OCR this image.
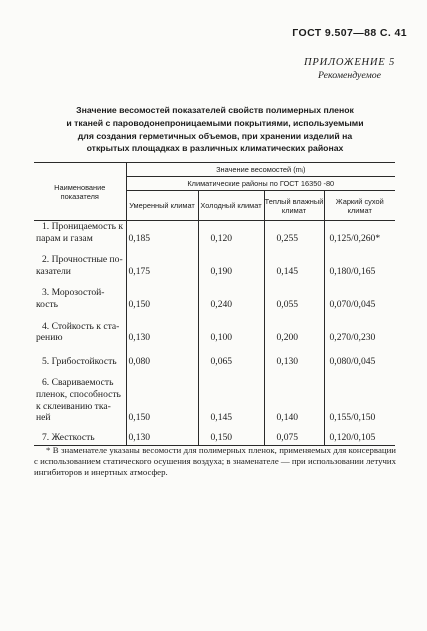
ГОСТ 9.507—88 С. 41
ПРИЛОЖЕНИЕ 5
Рекомендуемое
Значение весомостей показателей свойств полимерных пленок
и тканей с пароводонепроницаемыми покрытиями, используемыми
для создания герметичных объемов, при хранении изделий на
открытых площадках в различных климатических районах
Наименование показателя	Значение весомостей (mᵢ)			
	Климатические районы по ГОСТ 16350 -80			
	Умеренный климат	Холодный климат	Теплый влажный климат	Жаркий сухой климат

1. Проницаемость к
парам и газам	0,185	0,120	0,255	0,125/0,260*

2. Прочностные по-
казатели	0,175	0,190	0,145	0,180/0,165

3. Морозостой-
кость	0,150	0,240	0,055	0,070/0,045

4. Стойкость к ста-
рению	0,130	0,100	0,200	0,270/0,230

5. Грибостойкость	0,080	0,065	0,130	0,080/0,045

6. Свариваемость
пленок, способность
к склеиванию тка-
ней	0,150	0,145	0,140	0,155/0,150

7. Жесткость	0,130	0,150	0,075	0,120/0,105
* В знаменателе указаны весомости для полимерных пленок, применяемых для консервации с использованием статического осушения воздуха; в знаменателе — при использовании летучих ингибиторов и инертных атмосфер.
